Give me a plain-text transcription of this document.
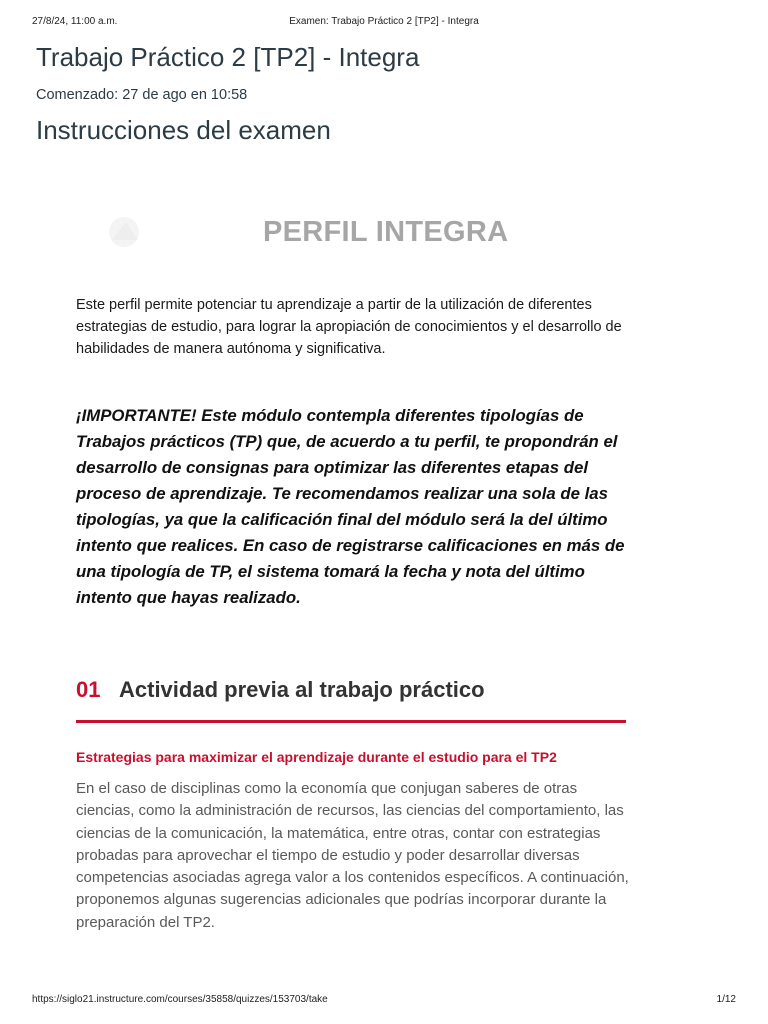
27/8/24, 11:00 a.m.	Examen: Trabajo Práctico 2 [TP2] - Integra
Trabajo Práctico 2 [TP2] - Integra
Comenzado: 27 de ago en 10:58
Instrucciones del examen
PERFIL INTEGRA

Este perfil permite potenciar tu aprendizaje a partir de la utilización de diferentes estrategias de estudio, para lograr la apropiación de conocimientos y el desarrollo de habilidades de manera autónoma y significativa.

¡IMPORTANTE! Este módulo contempla diferentes tipologías de Trabajos prácticos (TP) que, de acuerdo a tu perfil, te propondrán el desarrollo de consignas para optimizar las diferentes etapas del proceso de aprendizaje. Te recomendamos realizar una sola de las tipologías, ya que la calificación final del módulo será la del último intento que realices. En caso de registrarse calificaciones en más de una tipología de TP, el sistema tomará la fecha y nota del último intento que hayas realizado.

01 Actividad previa al trabajo práctico
Estrategias para maximizar el aprendizaje durante el estudio para el TP2

En el caso de disciplinas como la economía que conjugan saberes de otras ciencias, como la administración de recursos, las ciencias del comportamiento, las ciencias de la comunicación, la matemática, entre otras, contar con estrategias probadas para aprovechar el tiempo de estudio y poder desarrollar diversas competencias asociadas agrega valor a los contenidos específicos. A continuación, proponemos algunas sugerencias adicionales que podrías incorporar durante la preparación del TP2.

https://siglo21.instructure.com/courses/35858/quizzes/153703/take	1/12
